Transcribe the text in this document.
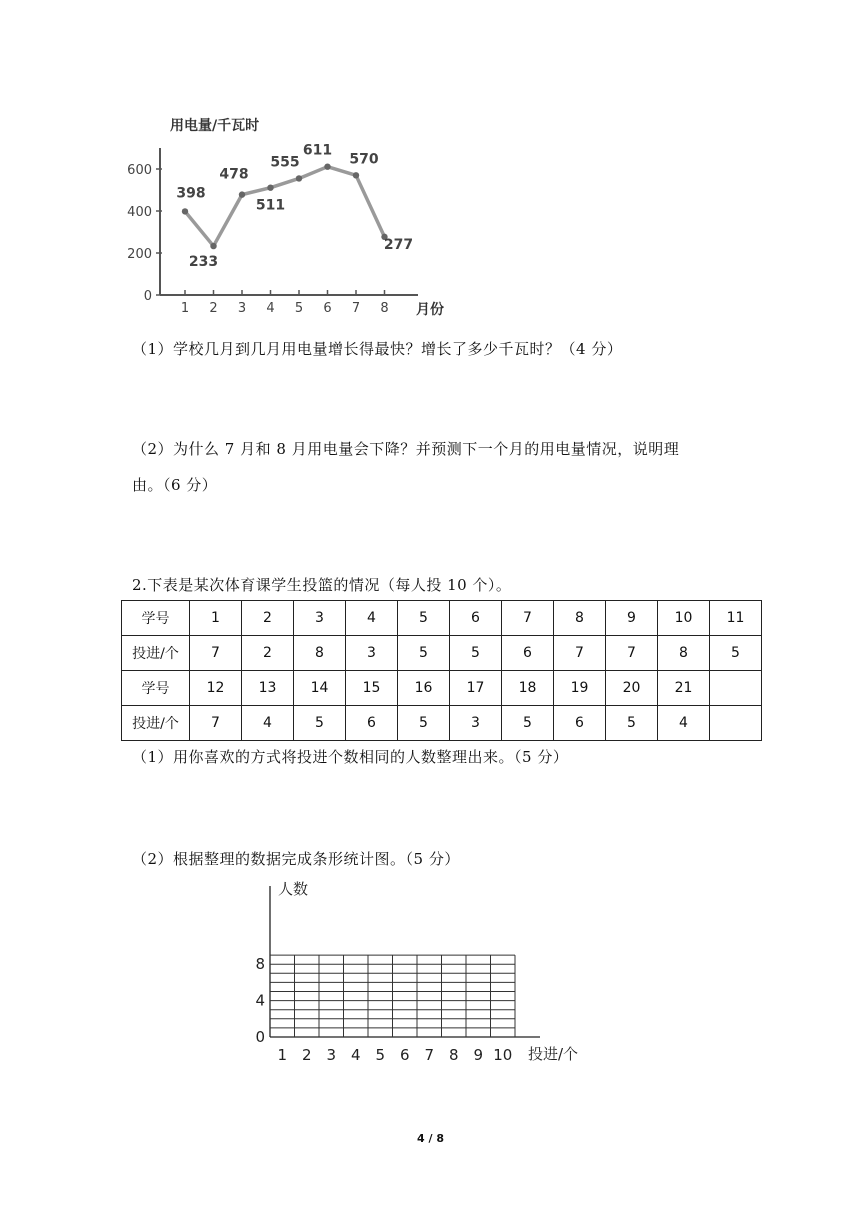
用电量/千瓦时
月份
0
200
400
600
1 2 3 4 5 6 7 8
398
233
478
511
555
611
570
277
（1）学校几月到几月用电量增长得最快？增长了多少千瓦时？（4 分）
（2）为什么 7 月和 8 月用电量会下降？并预测下一个月的用电量情况，说明理
由。（6 分）
2.下表是某次体育课学生投篮的情况（每人投 10 个）。
学号	1	2	3	4	5	6	7	8	9	10	11
投进/个	7	2	8	3	5	5	6	7	7	8	5
学号	12	13	14	15	16	17	18	19	20	21	
投进/个	7	4	5	6	5	3	5	6	5	4	
（1）用你喜欢的方式将投进个数相同的人数整理出来。（5 分）
（2）根据整理的数据完成条形统计图。（5 分）
人数
投进/个
0
4
8
1 2 3 4 5 6 7 8 9 10
4 / 8
